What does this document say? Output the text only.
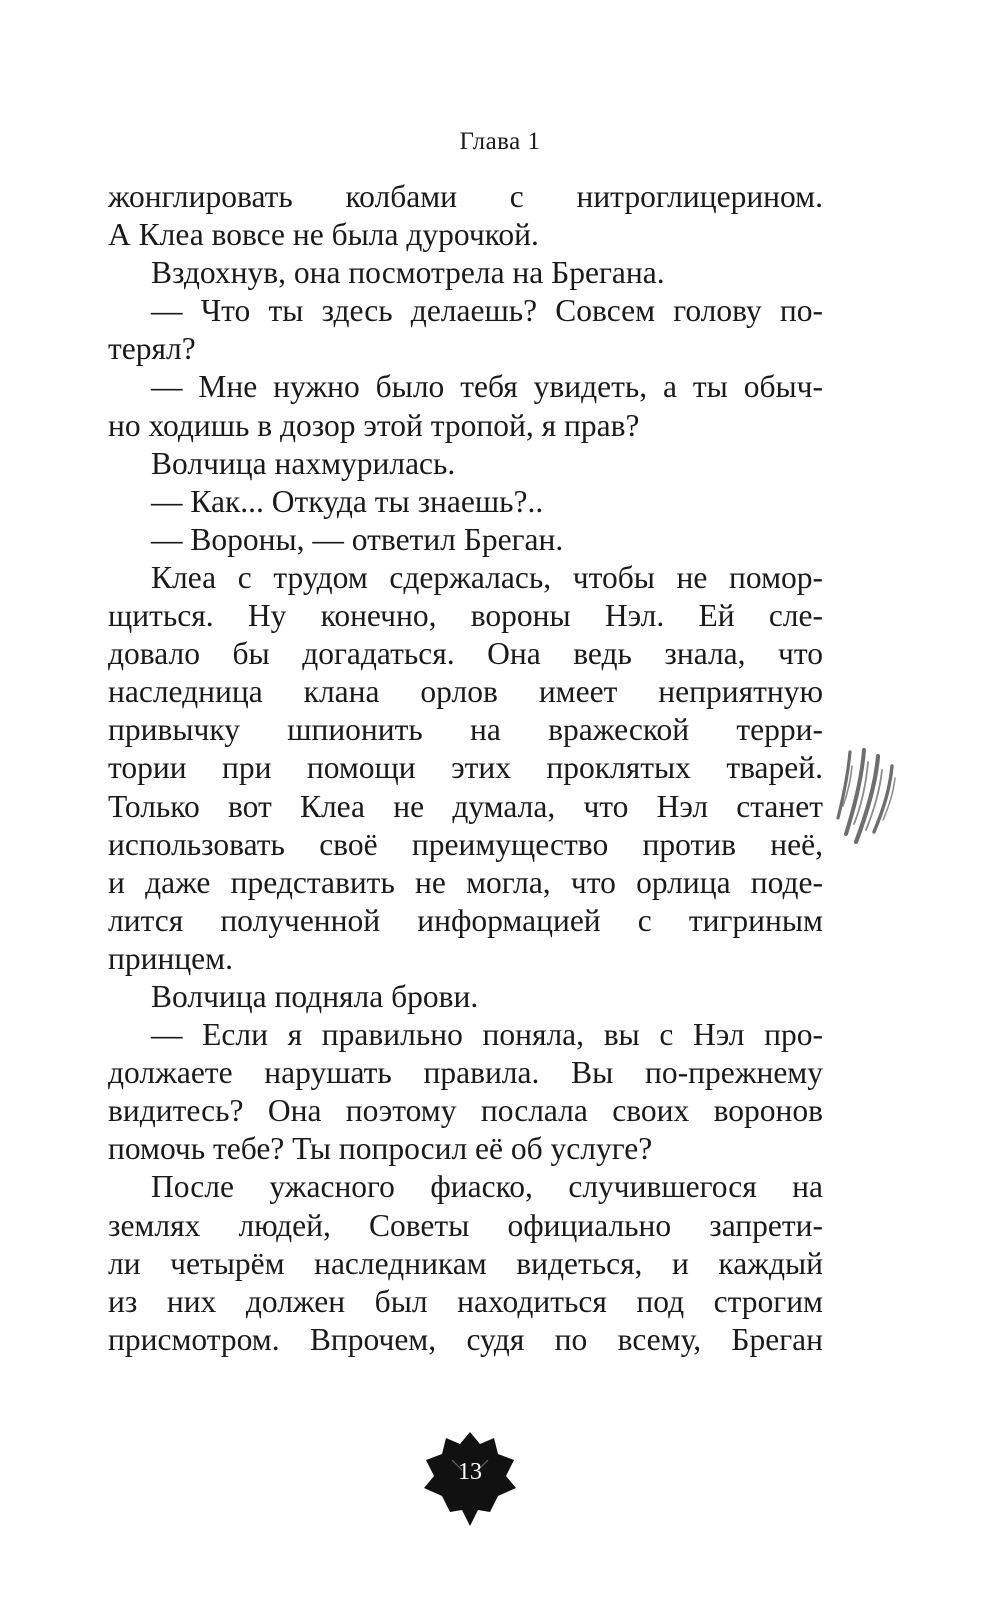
Глава 1
жонглировать колбами с нитроглицерином.
А Клеа вовсе не была дурочкой.
Вздохнув, она посмотрела на Брегана.
— Что ты здесь делаешь? Совсем голову по-
терял?
— Мне нужно было тебя увидеть, а ты обыч-
но ходишь в дозор этой тропой, я прав?
Волчица нахмурилась.
— Как... Откуда ты знаешь?..
— Вороны, — ответил Бреган.
Клеа с трудом сдержалась, чтобы не помор-
щиться. Ну конечно, вороны Нэл. Ей сле-
довало бы догадаться. Она ведь знала, что
наследница клана орлов имеет неприятную
привычку шпионить на вражеской терри-
тории при помощи этих проклятых тварей.
Только вот Клеа не думала, что Нэл станет
использовать своё преимущество против неё,
и даже представить не могла, что орлица поде-
лится полученной информацией с тигриным
принцем.
Волчица подняла брови.
— Если я правильно поняла, вы с Нэл про-
должаете нарушать правила. Вы по-прежнему
видитесь? Она поэтому послала своих воронов
помочь тебе? Ты попросил её об услуге?
После ужасного фиаско, случившегося на
землях людей, Советы официально запрети-
ли четырём наследникам видеться, и каждый
из них должен был находиться под строгим
присмотром. Впрочем, судя по всему, Бреган
13
